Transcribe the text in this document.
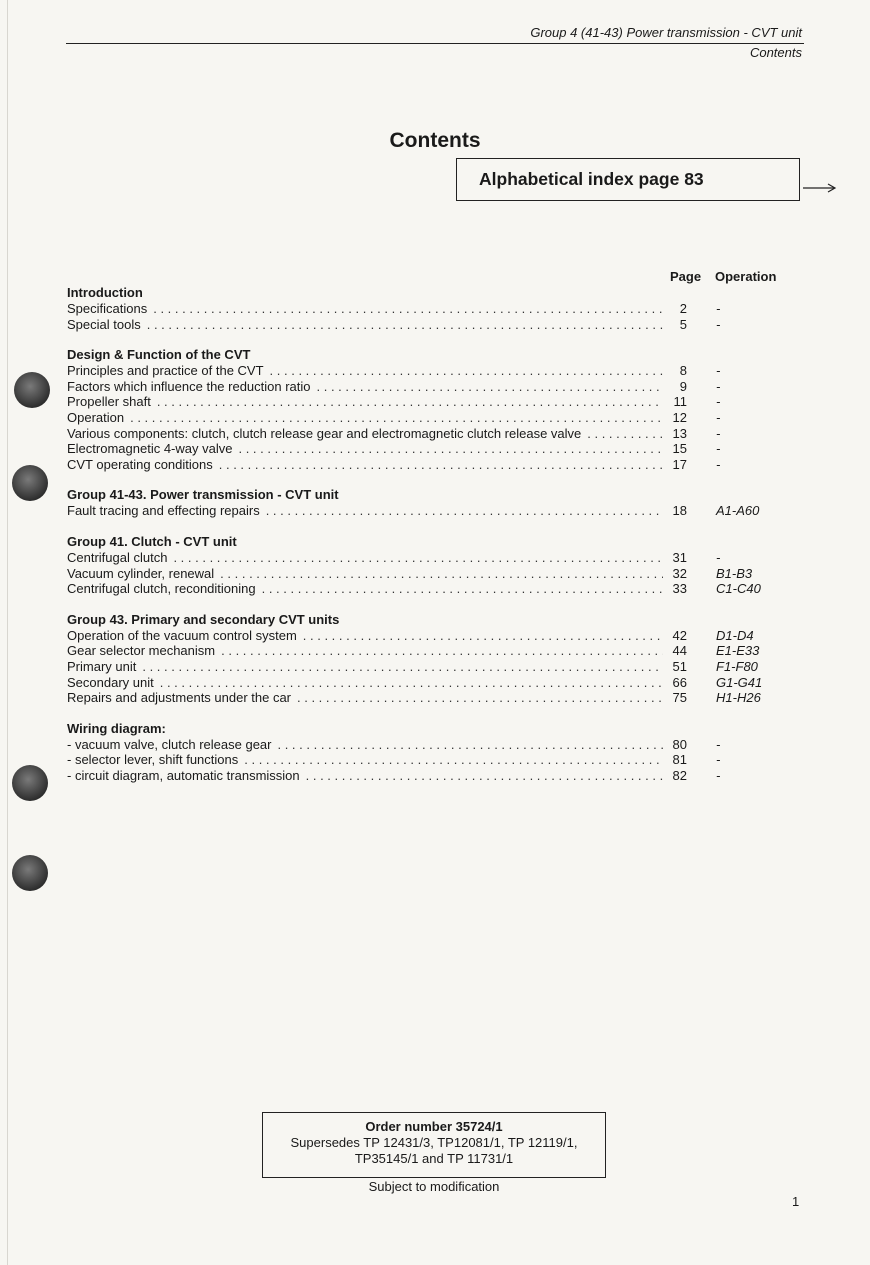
Group 4 (41-43) Power transmission - CVT unit
Contents
Contents
Alphabetical index page 83
Page Operation
Introduction
Specifications . . .	2	-
Special tools . . .	5	-
Design & Function of the CVT
Principles and practice of the CVT . . .	8	-
Factors which influence the reduction ratio . . .	9	-
Propeller shaft . . .	11	-
Operation . . .	12	-
Various components: clutch, clutch release gear and electromagnetic clutch release valve . . .	13	-
Electromagnetic 4-way valve . . .	15	-
CVT operating conditions . . .	17	-
Group 41-43. Power transmission - CVT unit
Fault tracing and effecting repairs . . .	18	A1-A60
Group 41. Clutch - CVT unit
Centrifugal clutch . . .	31	-
Vacuum cylinder, renewal . . .	32	B1-B3
Centrifugal clutch, reconditioning . . .	33	C1-C40
Group 43. Primary and secondary CVT units
Operation of the vacuum control system . . .	42	D1-D4
Gear selector mechanism . . .	44	E1-E33
Primary unit . . .	51	F1-F80
Secondary unit . . .	66	G1-G41
Repairs and adjustments under the car . . .	75	H1-H26
Wiring diagram:
- vacuum valve, clutch release gear . . .	80	-
- selector lever, shift functions . . .	81	-
- circuit diagram, automatic transmission . . .	82	-
Order number 35724/1
Supersedes TP 12431/3, TP12081/1, TP 12119/1,
TP35145/1 and TP 11731/1
Subject to modification
1
